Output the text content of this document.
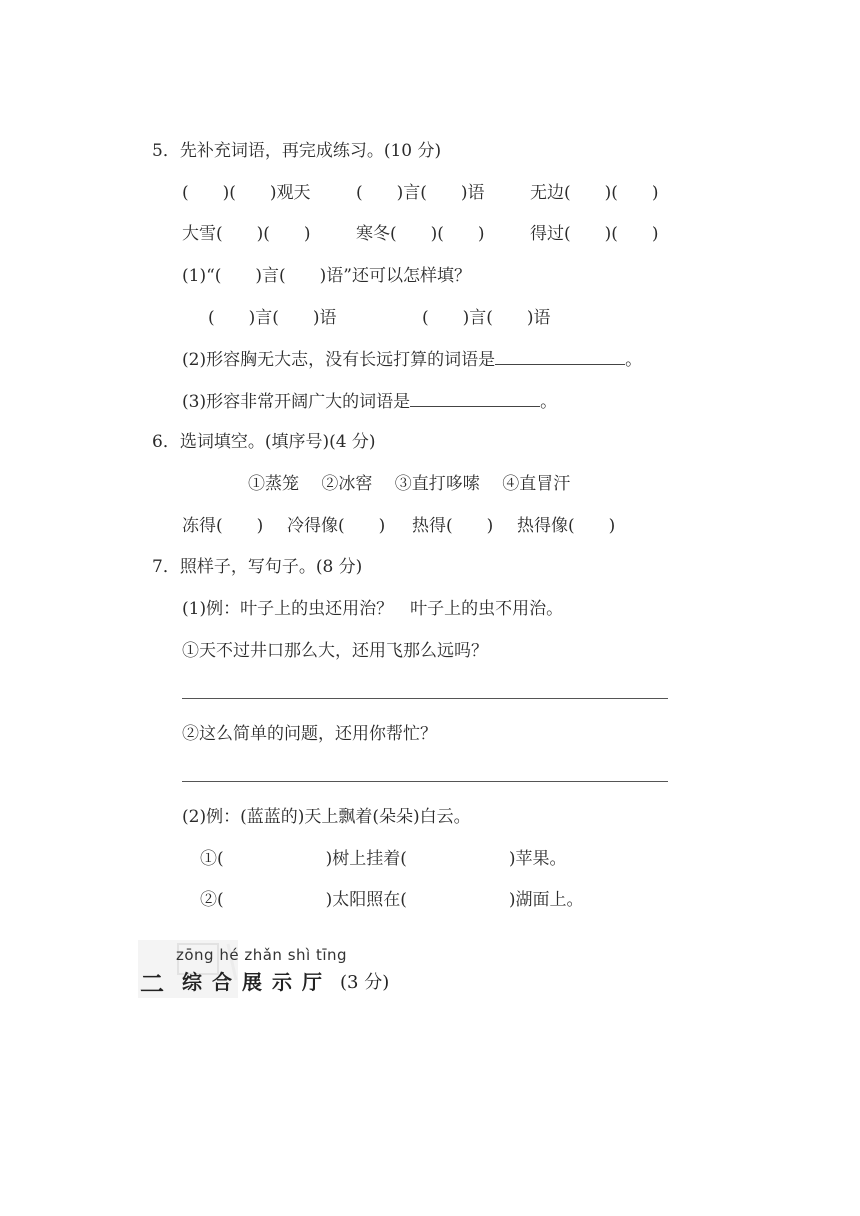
5．先补充词语，再完成练习。(10 分)
(　　)(　　)观天	(　　)言(　　)语	无边(　　)(　　)
大雪(　　)(　　)	寒冬(　　)(　　)	得过(　　)(　　)
(1)“(　　)言(　　)语”还可以怎样填？
(　　)言(　　)语	(　　)言(　　)语
(2)形容胸无大志，没有长远打算的词语是	。
(3)形容非常开阔广大的词语是	。
6．选词填空。(填序号)(4 分)
①蒸笼　 ②冰窖　 ③直打哆嗦　 ④直冒汗
冻得(　　) 冷得像(　　) 热得(　　) 热得像(　　)
7．照样子，写句子。(8 分)
(1)例：叶子上的虫还用治？　叶子上的虫不用治。
①天不过井口那么大，还用飞那么远吗？
②这么简单的问题，还用你帮忙？
(2)例：(蓝蓝的)天上飘着(朵朵)白云。
①(　　　　　　)树上挂着(　　　　　　)苹果。
②(　　　　　　)太阳照在(　　　　　　)湖面上。
二
zōng hé zhǎn shì tīng
综合展示厅 (3 分)
